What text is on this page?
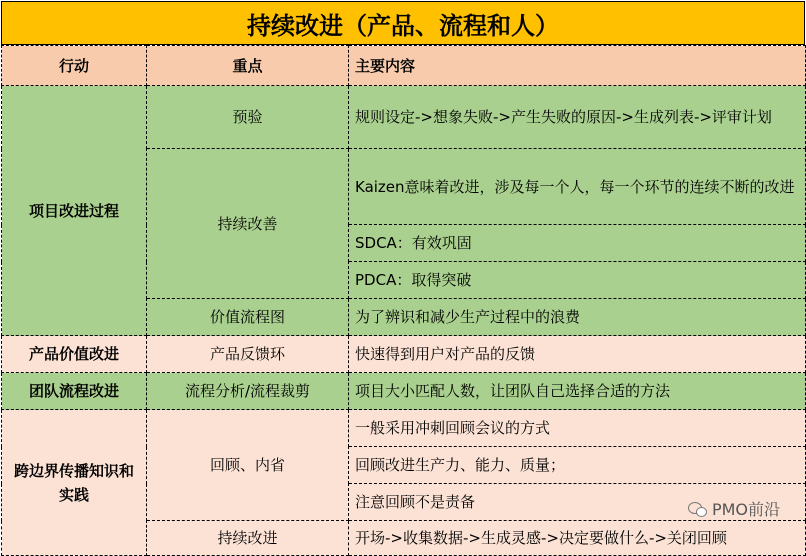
持续改进（产品、流程和人）
行动	重点	主要内容
项目改进过程	预验	规则设定->想象失败->产生失败的原因->生成列表->评审计划
	持续改善	Kaizen意味着改进，涉及每一个人，每一个环节的连续不断的改进
		SDCA：有效巩固
		PDCA：取得突破
	价值流程图	为了辨识和减少生产过程中的浪费
产品价值改进	产品反馈环	快速得到用户对产品的反馈
团队流程改进	流程分析/流程裁剪	项目大小匹配人数，让团队自己选择合适的方法
跨边界传播知识和实践	回顾、内省	一般采用冲刺回顾会议的方式
		回顾改进生产力、能力、质量；
		注意回顾不是责备
	持续改进	开场->收集数据->生成灵感->决定要做什么->关闭回顾
PMO前沿
